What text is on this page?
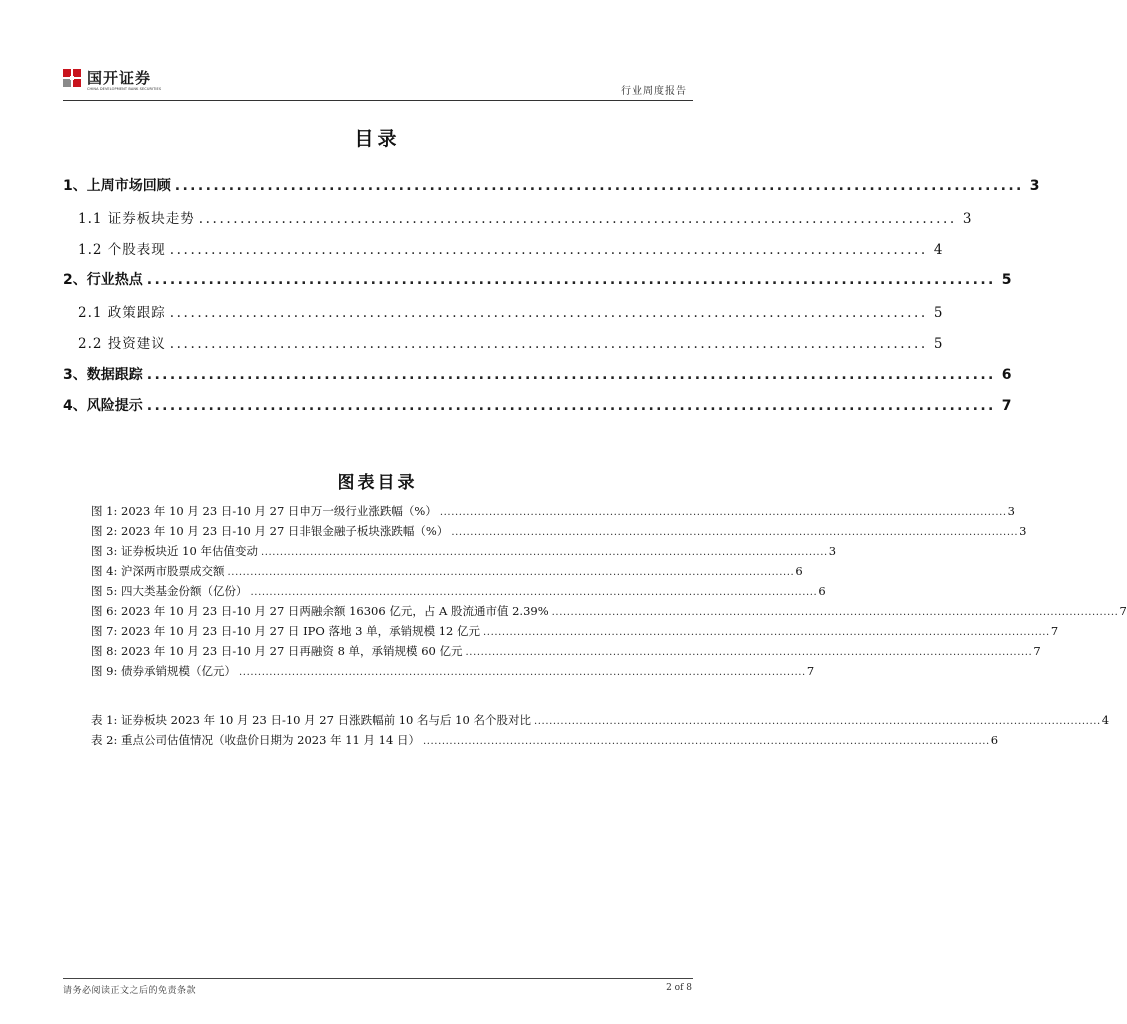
国开证券
CHINA DEVELOPMENT BANK SECURITIES	行业周度报告
目录
1、上周市场回顾 .............................................................................................................. 3
1.1 证券板块走势 .............................................................................................................. 3
1.2 个股表现 .............................................................................................................. 4
2、行业热点 .............................................................................................................. 5
2.1 政策跟踪 .............................................................................................................. 5
2.2 投资建议 .............................................................................................................. 5
3、数据跟踪 .............................................................................................................. 6
4、风险提示 .............................................................................................................. 7
图表目录
图 1: 2023 年 10 月 23 日-10 月 27 日申万一级行业涨跌幅（%） ...................................................................................................................................................... 3
图 2: 2023 年 10 月 23 日-10 月 27 日非银金融子板块涨跌幅（%） ...................................................................................................................................................... 3
图 3: 证券板块近 10 年估值变动 ...................................................................................................................................................... 3
图 4: 沪深两市股票成交额 ...................................................................................................................................................... 6
图 5: 四大类基金份额（亿份） ...................................................................................................................................................... 6
图 6: 2023 年 10 月 23 日-10 月 27 日两融余额 16306 亿元，占 A 股流通市值 2.39% ...................................................................................................................................................... 7
图 7: 2023 年 10 月 23 日-10 月 27 日 IPO 落地 3 单，承销规模 12 亿元 ...................................................................................................................................................... 7
图 8: 2023 年 10 月 23 日-10 月 27 日再融资 8 单，承销规模 60 亿元 ...................................................................................................................................................... 7
图 9: 债券承销规模（亿元） ...................................................................................................................................................... 7
表 1: 证券板块 2023 年 10 月 23 日-10 月 27 日涨跌幅前 10 名与后 10 名个股对比 ...................................................................................................................................................... 4
表 2: 重点公司估值情况（收盘价日期为 2023 年 11 月 14 日） ...................................................................................................................................................... 6
请务必阅读正文之后的免责条款	2 of 8
